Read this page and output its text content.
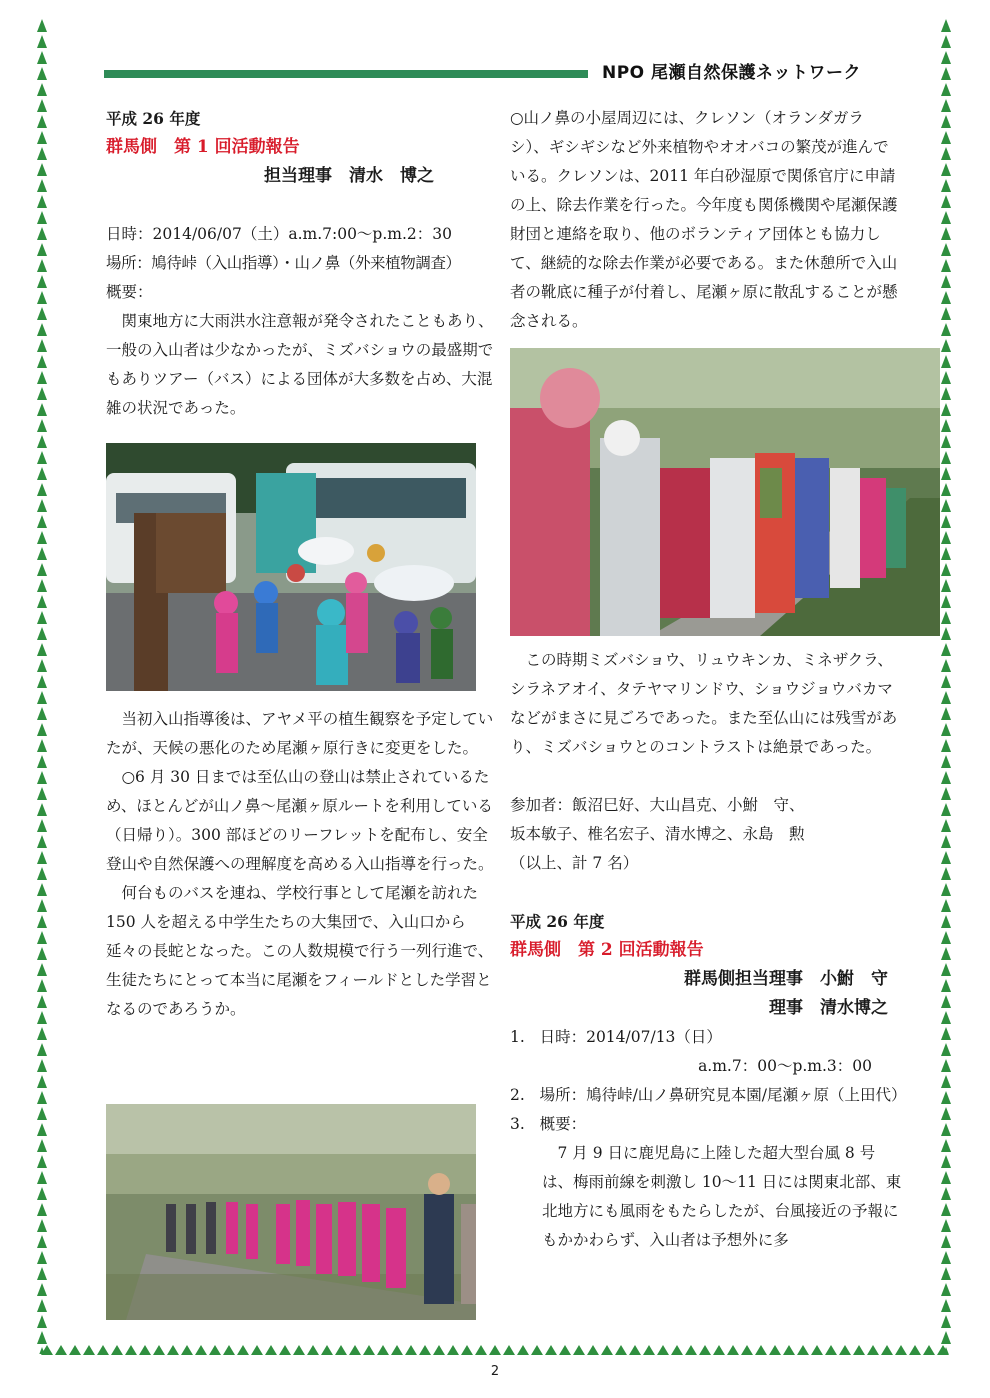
NPO 尾瀬自然保護ネットワーク

平成 26 年度

群馬側　第 1 回活動報告

担当理事　清水　博之

日時：2014/06/07（土）a.m.7:00〜p.m.2：30

場所：鳩待峠（入山指導）・山ノ鼻（外来植物調査）

概要：

関東地方に大雨洪水注意報が発令されたこともあり、一般の入山者は少なかったが、ミズバショウの最盛期でもありツアー（バス）による団体が大多数を占め、大混雑の状況であった。

当初入山指導後は、アヤメ平の植生観察を予定していたが、天候の悪化のため尾瀬ヶ原行きに変更をした。

○6 月 30 日までは至仏山の登山は禁止されているため、ほとんどが山ノ鼻〜尾瀬ヶ原ルートを利用している（日帰り）。300 部ほどのリーフレットを配布し、安全登山や自然保護への理解度を高める入山指導を行った。

何台ものバスを連ね、学校行事として尾瀬を訪れた 150 人を超える中学生たちの大集団で、入山口から延々の長蛇となった。この人数規模で行う一列行進で、生徒たちにとって本当に尾瀬をフィールドとした学習となるのであろうか。

○山ノ鼻の小屋周辺には、クレソン（オランダガラシ）、ギシギシなど外来植物やオオバコの繁茂が進んでいる。クレソンは、2011 年白砂湿原で関係官庁に申請の上、除去作業を行った。今年度も関係機関や尾瀬保護財団と連絡を取り、他のボランティア団体とも協力して、継続的な除去作業が必要である。また休憩所で入山者の靴底に種子が付着し、尾瀬ヶ原に散乱することが懸念される。

この時期ミズバショウ、リュウキンカ、ミネザクラ、シラネアオイ、タテヤマリンドウ、ショウジョウバカマなどがまさに見ごろであった。また至仏山には残雪があり、ミズバショウとのコントラストは絶景であった。

参加者：飯沼巳好、大山昌克、小鮒　守、

坂本敏子、椎名宏子、清水博之、永島　勲

（以上、計 7 名）

平成 26 年度

群馬側　第 2 回活動報告

群馬側担当理事　小鮒　守

理事　清水博之

1. 日時：2014/07/13（日）

a.m.7：00〜p.m.3：00

2. 場所：鳩待峠/山ノ鼻研究見本園/尾瀬ヶ原（上田代）

3. 概要：

7 月 9 日に鹿児島に上陸した超大型台風 8 号は、梅雨前線を刺激し 10〜11 日には関東北部、東北地方にも風雨をもたらしたが、台風接近の予報にもかかわらず、入山者は予想外に多

2
